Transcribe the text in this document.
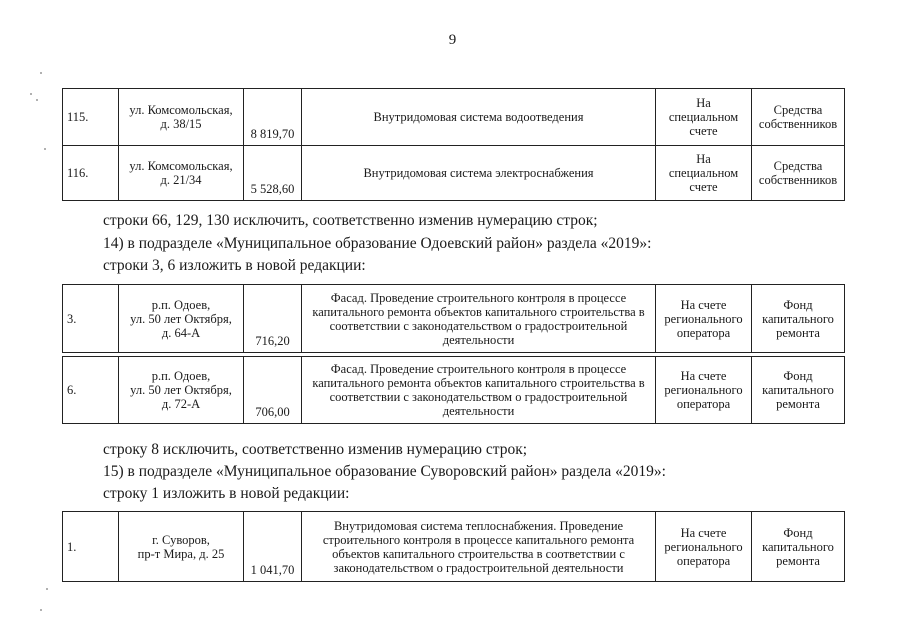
9
115.	ул. Комсомольская,
д. 38/15	8 819,70	Внутридомовая система водоотведения	На
специальном
счете	Средства
собственников
116.	ул. Комсомольская,
д. 21/34	5 528,60	Внутридомовая система электроснабжения	На
специальном
счете	Средства
собственников
строки 66, 129, 130 исключить, соответственно изменив нумерацию строк;
14) в подразделе «Муниципальное образование Одоевский район» раздела «2019»:
строки 3, 6 изложить в новой редакции:
3.	р.п. Одоев,
ул. 50 лет Октября,
д. 64-А	716,20	Фасад. Проведение строительного контроля в процессе капитального ремонта объектов капитального строительства в соответствии с законодательством о градостроительной деятельности	На счете
регионального
оператора	Фонд
капитального
ремонта
6.	р.п. Одоев,
ул. 50 лет Октября,
д. 72-А	706,00	Фасад. Проведение строительного контроля в процессе капитального ремонта объектов капитального строительства в соответствии с законодательством о градостроительной деятельности	На счете
регионального
оператора	Фонд
капитального
ремонта
строку 8 исключить, соответственно изменив нумерацию строк;
15) в подразделе «Муниципальное образование Суворовский район» раздела «2019»:
строку 1 изложить в новой редакции:
1.	г. Суворов,
пр-т Мира, д. 25	1 041,70	Внутридомовая система теплоснабжения. Проведение строительного контроля в процессе капитального ремонта объектов капитального строительства в соответствии с законодательством о градостроительной деятельности	На счете
регионального
оператора	Фонд
капитального
ремонта
